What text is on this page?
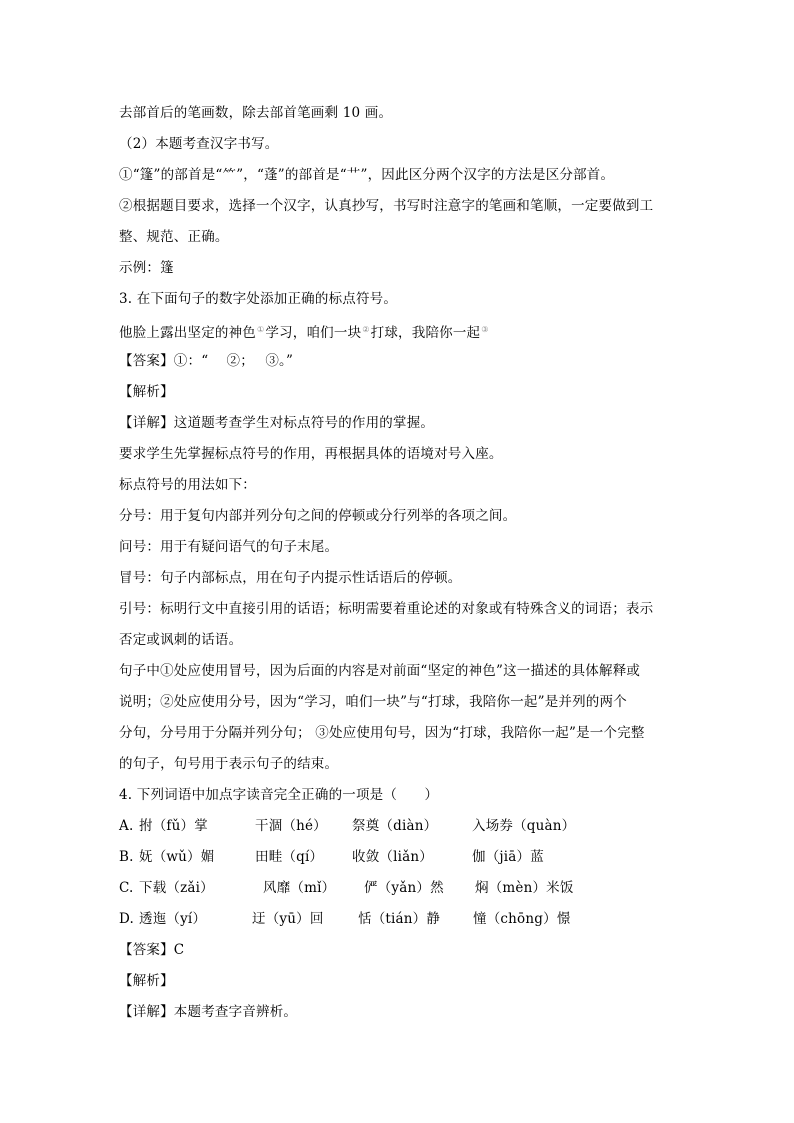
去部首后的笔画数，除去部首笔画剩 10 画。
（2）本题考查汉字书写。
①“篷”的部首是“⺮”，“蓬”的部首是“艹”，因此区分两个汉字的方法是区分部首。
②根据题目要求，选择一个汉字，认真抄写，书写时注意字的笔画和笔顺，一定要做到工
整、规范、正确。
示例：篷
3. 在下面句子的数字处添加正确的标点符号。
他脸上露出坚定的神色①学习，咱们一块②打球，我陪你一起③
【答案】①：“　 ②；　 ③。”
【解析】
【详解】这道题考查学生对标点符号的作用的掌握。
要求学生先掌握标点符号的作用，再根据具体的语境对号入座。
标点符号的用法如下：
分号：用于复句内部并列分句之间的停顿或分行列举的各项之间。
问号：用于有疑问语气的句子末尾。
冒号：句子内部标点，用在句子内提示性话语后的停顿。
引号：标明行文中直接引用的话语；标明需要着重论述的对象或有特殊含义的词语；表示
否定或讽刺的话语。
句子中①处应使用冒号，因为后面的内容是对前面“坚定的神色”这一描述的具体解释或
说明；②处应使用分号，因为“学习，咱们一块”与“打球，我陪你一起”是并列的两个
分句，分号用于分隔并列分句； ③处应使用句号，因为“打球，我陪你一起”是一个完整
的句子，句号用于表示句子的结束。
4. 下列词语中加点字读音完全正确的一项是（　　）
A. 拊（fǔ）掌	干涸（hé）	祭奠（diàn）	入场券（quàn）
B. 妩（wǔ）媚	田畦（qí）	收敛（liǎn）	伽（jiā）蓝
C. 下载（zǎi）	风靡（mǐ）	俨（yǎn）然	焖（mèn）米饭
D. 透迤（yí）	迂（yū）回	恬（tián）静	憧（chōng）憬
【答案】C
【解析】
【详解】本题考查字音辨析。
